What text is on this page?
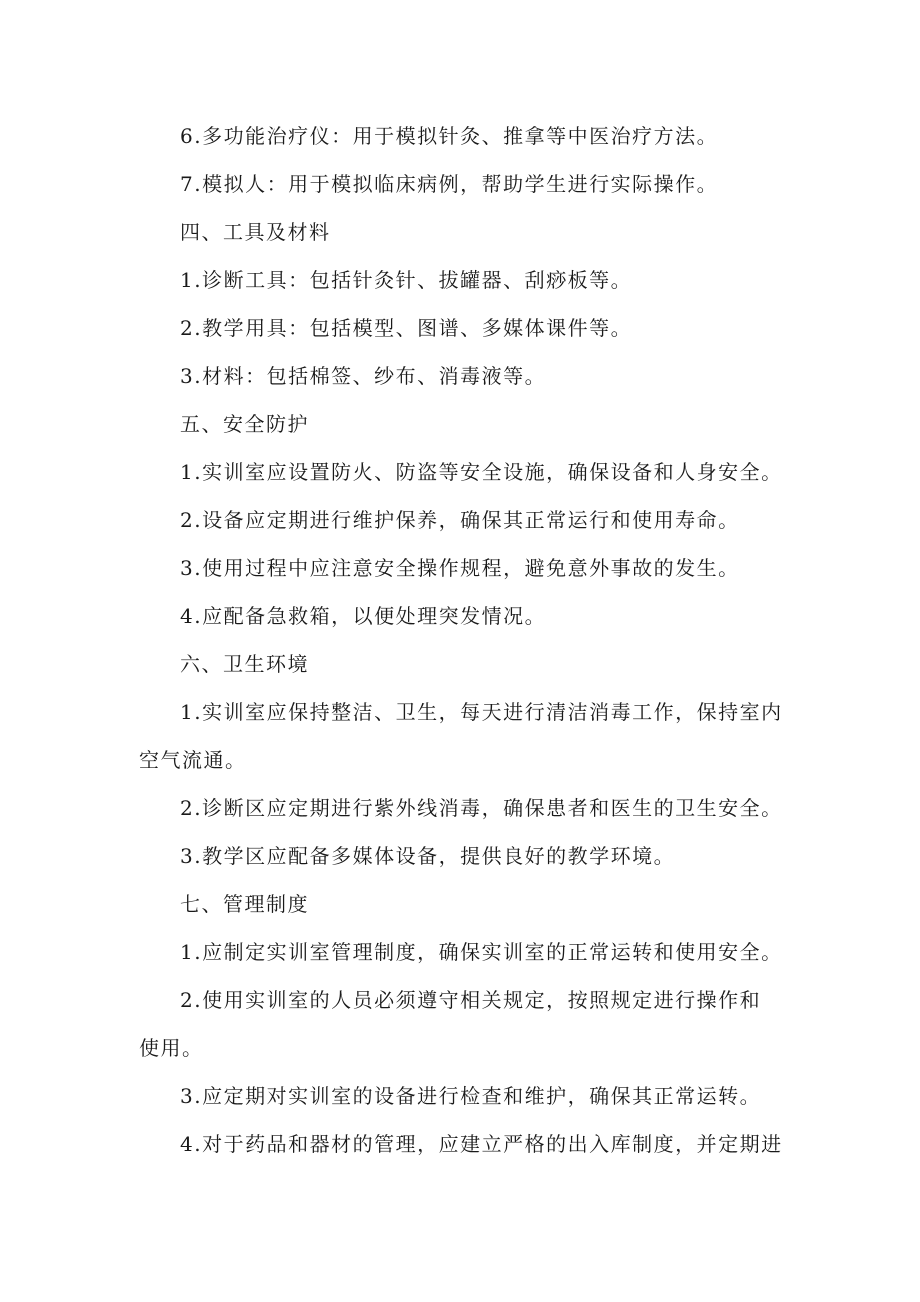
6.多功能治疗仪：用于模拟针灸、推拿等中医治疗方法。
7.模拟人：用于模拟临床病例，帮助学生进行实际操作。
四、工具及材料
1.诊断工具：包括针灸针、拔罐器、刮痧板等。
2.教学用具：包括模型、图谱、多媒体课件等。
3.材料：包括棉签、纱布、消毒液等。
五、安全防护
1.实训室应设置防火、防盗等安全设施，确保设备和人身安全。
2.设备应定期进行维护保养，确保其正常运行和使用寿命。
3.使用过程中应注意安全操作规程，避免意外事故的发生。
4.应配备急救箱，以便处理突发情况。
六、卫生环境
1.实训室应保持整洁、卫生，每天进行清洁消毒工作，保持室内
空气流通。
2.诊断区应定期进行紫外线消毒，确保患者和医生的卫生安全。
3.教学区应配备多媒体设备，提供良好的教学环境。
七、管理制度
1.应制定实训室管理制度，确保实训室的正常运转和使用安全。
2.使用实训室的人员必须遵守相关规定，按照规定进行操作和
使用。
3.应定期对实训室的设备进行检查和维护，确保其正常运转。
4.对于药品和器材的管理，应建立严格的出入库制度，并定期进
